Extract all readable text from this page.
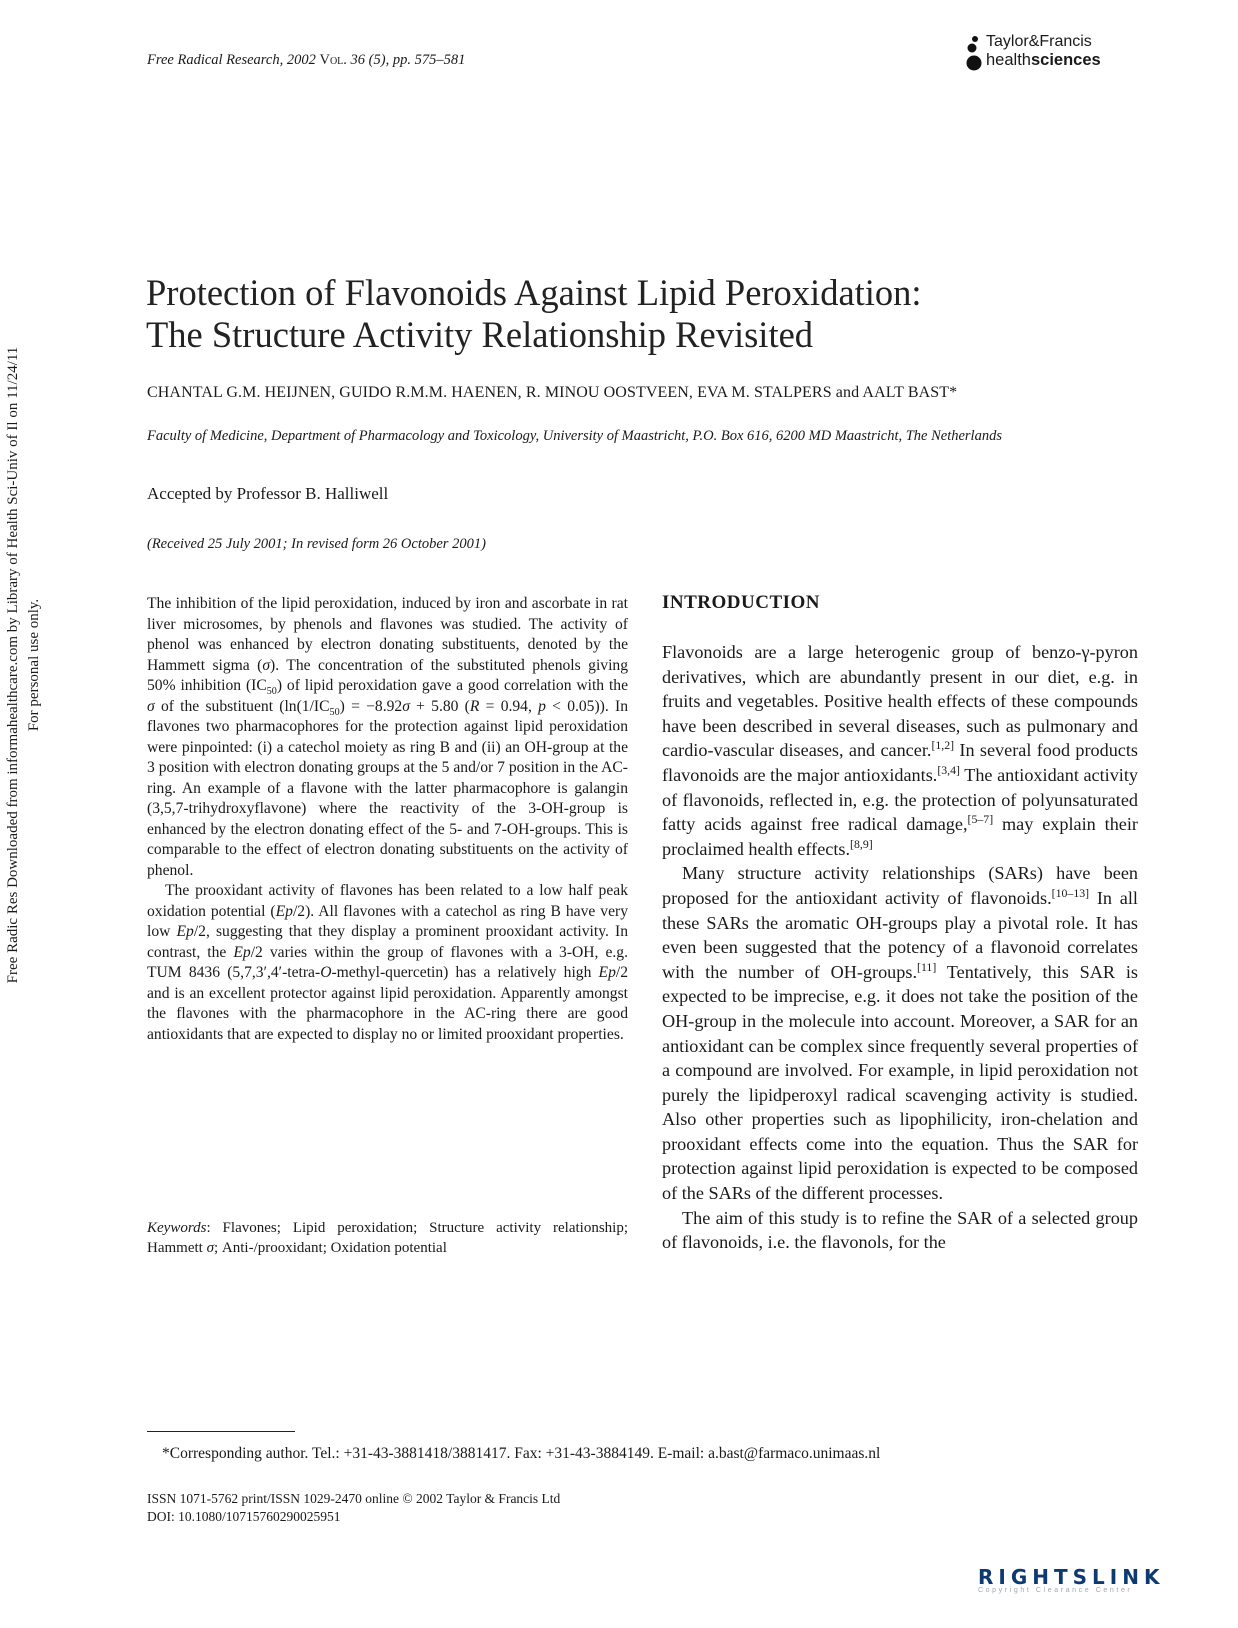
Free Radical Research, 2002 Vol. 36 (5), pp. 575–581
Taylor&Francis
healthsciences
Free Radic Res Downloaded from informahealthcare.com by Library of Health Sci-Univ of Il on 11/24/11 For personal use only.
Protection of Flavonoids Against Lipid Peroxidation:
The Structure Activity Relationship Revisited
CHANTAL G.M. HEIJNEN, GUIDO R.M.M. HAENEN, R. MINOU OOSTVEEN, EVA M. STALPERS and AALT BAST*
Faculty of Medicine, Department of Pharmacology and Toxicology, University of Maastricht, P.O. Box 616, 6200 MD Maastricht, The Netherlands
Accepted by Professor B. Halliwell
(Received 25 July 2001; In revised form 26 October 2001)

The inhibition of the lipid peroxidation, induced by iron and ascorbate in rat liver microsomes, by phenols and flavones was studied. The activity of phenol was enhanced by electron donating substituents, denoted by the Hammett sigma (σ). The concentration of the substituted phenols giving 50% inhibition $(IC_{50})$ of lipid peroxidation gave a good correlation with the σ of the substituent ($\ln(1/IC_{50}) = -8.92\sigma + 5.80$ (R = 0.94, p < 0.05)). In flavones two pharmacophores for the protection against lipid peroxidation were pinpointed: (i) a catechol moiety as ring B and (ii) an OH-group at the 3 position with electron donating groups at the 5 and/or 7 position in the AC-ring. An example of a flavone with the latter pharmacophore is galangin (3,5,7-trihydroxyflavone) where the reactivity of the 3-OH-group is enhanced by the electron donating effect of the 5- and 7-OH-groups. This is comparable to the effect of electron donating substituents on the activity of phenol.

The prooxidant activity of flavones has been related to a low half peak oxidation potential (Ep/2). All flavones with a catechol as ring B have very low Ep/2, suggesting that they display a prominent prooxidant activity. In contrast, the Ep/2 varies within the group of flavones with a 3-OH, e.g. TUM 8436 (5,7,3′,4′-tetra-O-methyl-quercetin) has a relatively high Ep/2 and is an excellent protector against lipid peroxidation. Apparently amongst the flavones with the pharmacophore in the AC-ring there are good antioxidants that are expected to display no or limited prooxidant properties.

Keywords: Flavones; Lipid peroxidation; Structure activity relationship; Hammett σ; Anti-/prooxidant; Oxidation potential
INTRODUCTION

Flavonoids are a large heterogenic group of benzo-γ-pyron derivatives, which are abundantly present in our diet, e.g. in fruits and vegetables. Positive health effects of these compounds have been described in several diseases, such as pulmonary and cardio-vascular diseases, and cancer.[1,2] In several food products flavonoids are the major antioxidants.[3,4] The antioxidant activity of flavonoids, reflected in, e.g. the protection of polyunsaturated fatty acids against free radical damage,[5–7] may explain their proclaimed health effects.[8,9]

Many structure activity relationships (SARs) have been proposed for the antioxidant activity of flavonoids.[10–13] In all these SARs the aromatic OH-groups play a pivotal role. It has even been suggested that the potency of a flavonoid correlates with the number of OH-groups.[11] Tentatively, this SAR is expected to be imprecise, e.g. it does not take the position of the OH-group in the molecule into account. Moreover, a SAR for an antioxidant can be complex since frequently several properties of a compound are involved. For example, in lipid peroxidation not purely the lipidperoxyl radical scavenging activity is studied. Also other properties such as lipophilicity, iron-chelation and prooxidant effects come into the equation. Thus the SAR for protection against lipid peroxidation is expected to be composed of the SARs of the different processes.

The aim of this study is to refine the SAR of a selected group of flavonoids, i.e. the flavonols, for the

*Corresponding author. Tel.: +31-43-3881418/3881417. Fax: +31-43-3884149. E-mail: a.bast@farmaco.unimaas.nl
ISSN 1071-5762 print/ISSN 1029-2470 online © 2002 Taylor & Francis Ltd
DOI: 10.1080/10715760290025951
RIGHTSLINK
Copyright Clearance Center
